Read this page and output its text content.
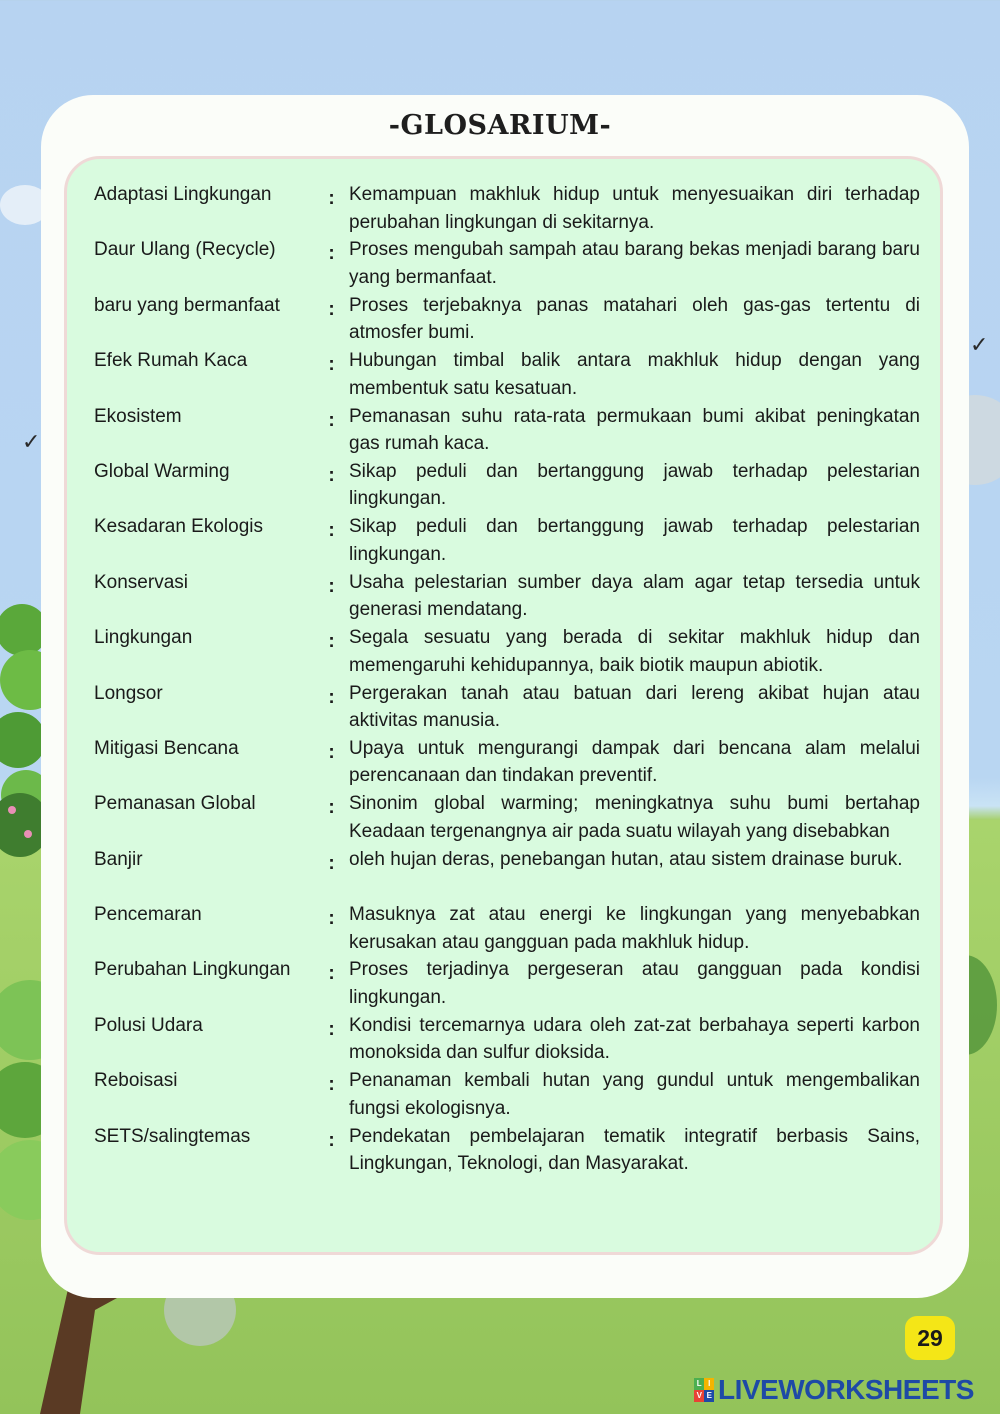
✓
✓
-GLOSARIUM-
Adaptasi Lingkungan	: Kemampuan makhluk hidup untuk menyesuaikan diri terhadap perubahan lingkungan di sekitarnya.
Daur Ulang (Recycle)	: Proses mengubah sampah atau barang bekas menjadi barang baru yang bermanfaat.
baru yang bermanfaat	: Proses terjebaknya panas matahari oleh gas-gas tertentu di atmosfer bumi.
Efek Rumah Kaca	: Hubungan timbal balik antara makhluk hidup dengan yang membentuk satu kesatuan.
Ekosistem	: Pemanasan suhu rata-rata permukaan bumi akibat peningkatan gas rumah kaca.
Global Warming	: Sikap peduli dan bertanggung jawab terhadap pelestarian lingkungan.
Kesadaran Ekologis	: Sikap peduli dan bertanggung jawab terhadap pelestarian lingkungan.
Konservasi	: Usaha pelestarian sumber daya alam agar tetap tersedia untuk generasi mendatang.
Lingkungan	: Segala sesuatu yang berada di sekitar makhluk hidup dan memengaruhi kehidupannya, baik biotik maupun abiotik.
Longsor	: Pergerakan tanah atau batuan dari lereng akibat hujan atau aktivitas manusia.
Mitigasi Bencana	: Upaya untuk mengurangi dampak dari bencana alam melalui perencanaan dan tindakan preventif.
Pemanasan Global	: Sinonim global warming; meningkatnya suhu bumi bertahap Keadaan tergenangnya air pada suatu wilayah yang disebabkan
Banjir	: oleh hujan deras, penebangan hutan, atau sistem drainase buruk.
Pencemaran	: Masuknya zat atau energi ke lingkungan yang menyebabkan kerusakan atau gangguan pada makhluk hidup.
Perubahan Lingkungan	: Proses terjadinya pergeseran atau gangguan pada kondisi lingkungan.
Polusi Udara	: Kondisi tercemarnya udara oleh zat-zat berbahaya seperti karbon monoksida dan sulfur dioksida.
Reboisasi	: Penanaman kembali hutan yang gundul untuk mengembalikan fungsi ekologisnya.
SETS/salingtemas	: Pendekatan pembelajaran tematik integratif berbasis Sains, Lingkungan, Teknologi, dan Masyarakat.
29
L I
V E LIVEWORKSHEETS
